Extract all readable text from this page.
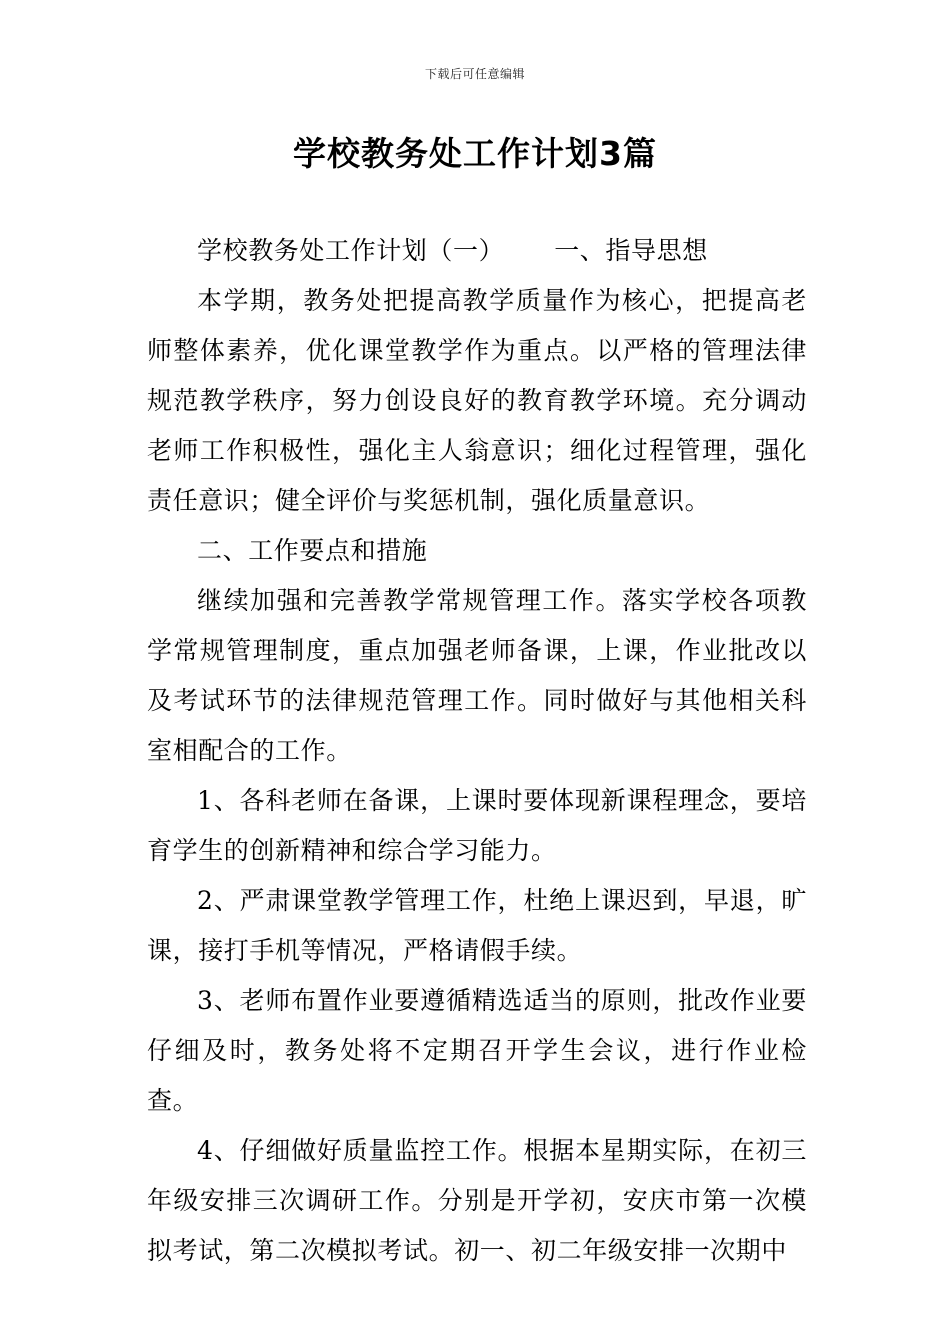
下载后可任意编辑
学校教务处工作计划3篇

学校教务处工作计划（一） 一、指导思想

本学期，教务处把提高教学质量作为核心，把提高老师整体素养，优化课堂教学作为重点。以严格的管理法律规范教学秩序，努力创设良好的教育教学环境。充分调动老师工作积极性，强化主人翁意识；细化过程管理，强化责任意识；健全评价与奖惩机制，强化质量意识。

二、工作要点和措施

继续加强和完善教学常规管理工作。落实学校各项教学常规管理制度，重点加强老师备课，上课，作业批改以及考试环节的法律规范管理工作。同时做好与其他相关科室相配合的工作。

1、各科老师在备课，上课时要体现新课程理念，要培育学生的创新精神和综合学习能力。

2、严肃课堂教学管理工作，杜绝上课迟到，早退，旷课，接打手机等情况，严格请假手续。

3、老师布置作业要遵循精选适当的原则，批改作业要仔细及时，教务处将不定期召开学生会议，进行作业检查。

4、仔细做好质量监控工作。根据本星期实际，在初三年级安排三次调研工作。分别是开学初，安庆市第一次模拟考试，第二次模拟考试。初一、初二年级安排一次期中
